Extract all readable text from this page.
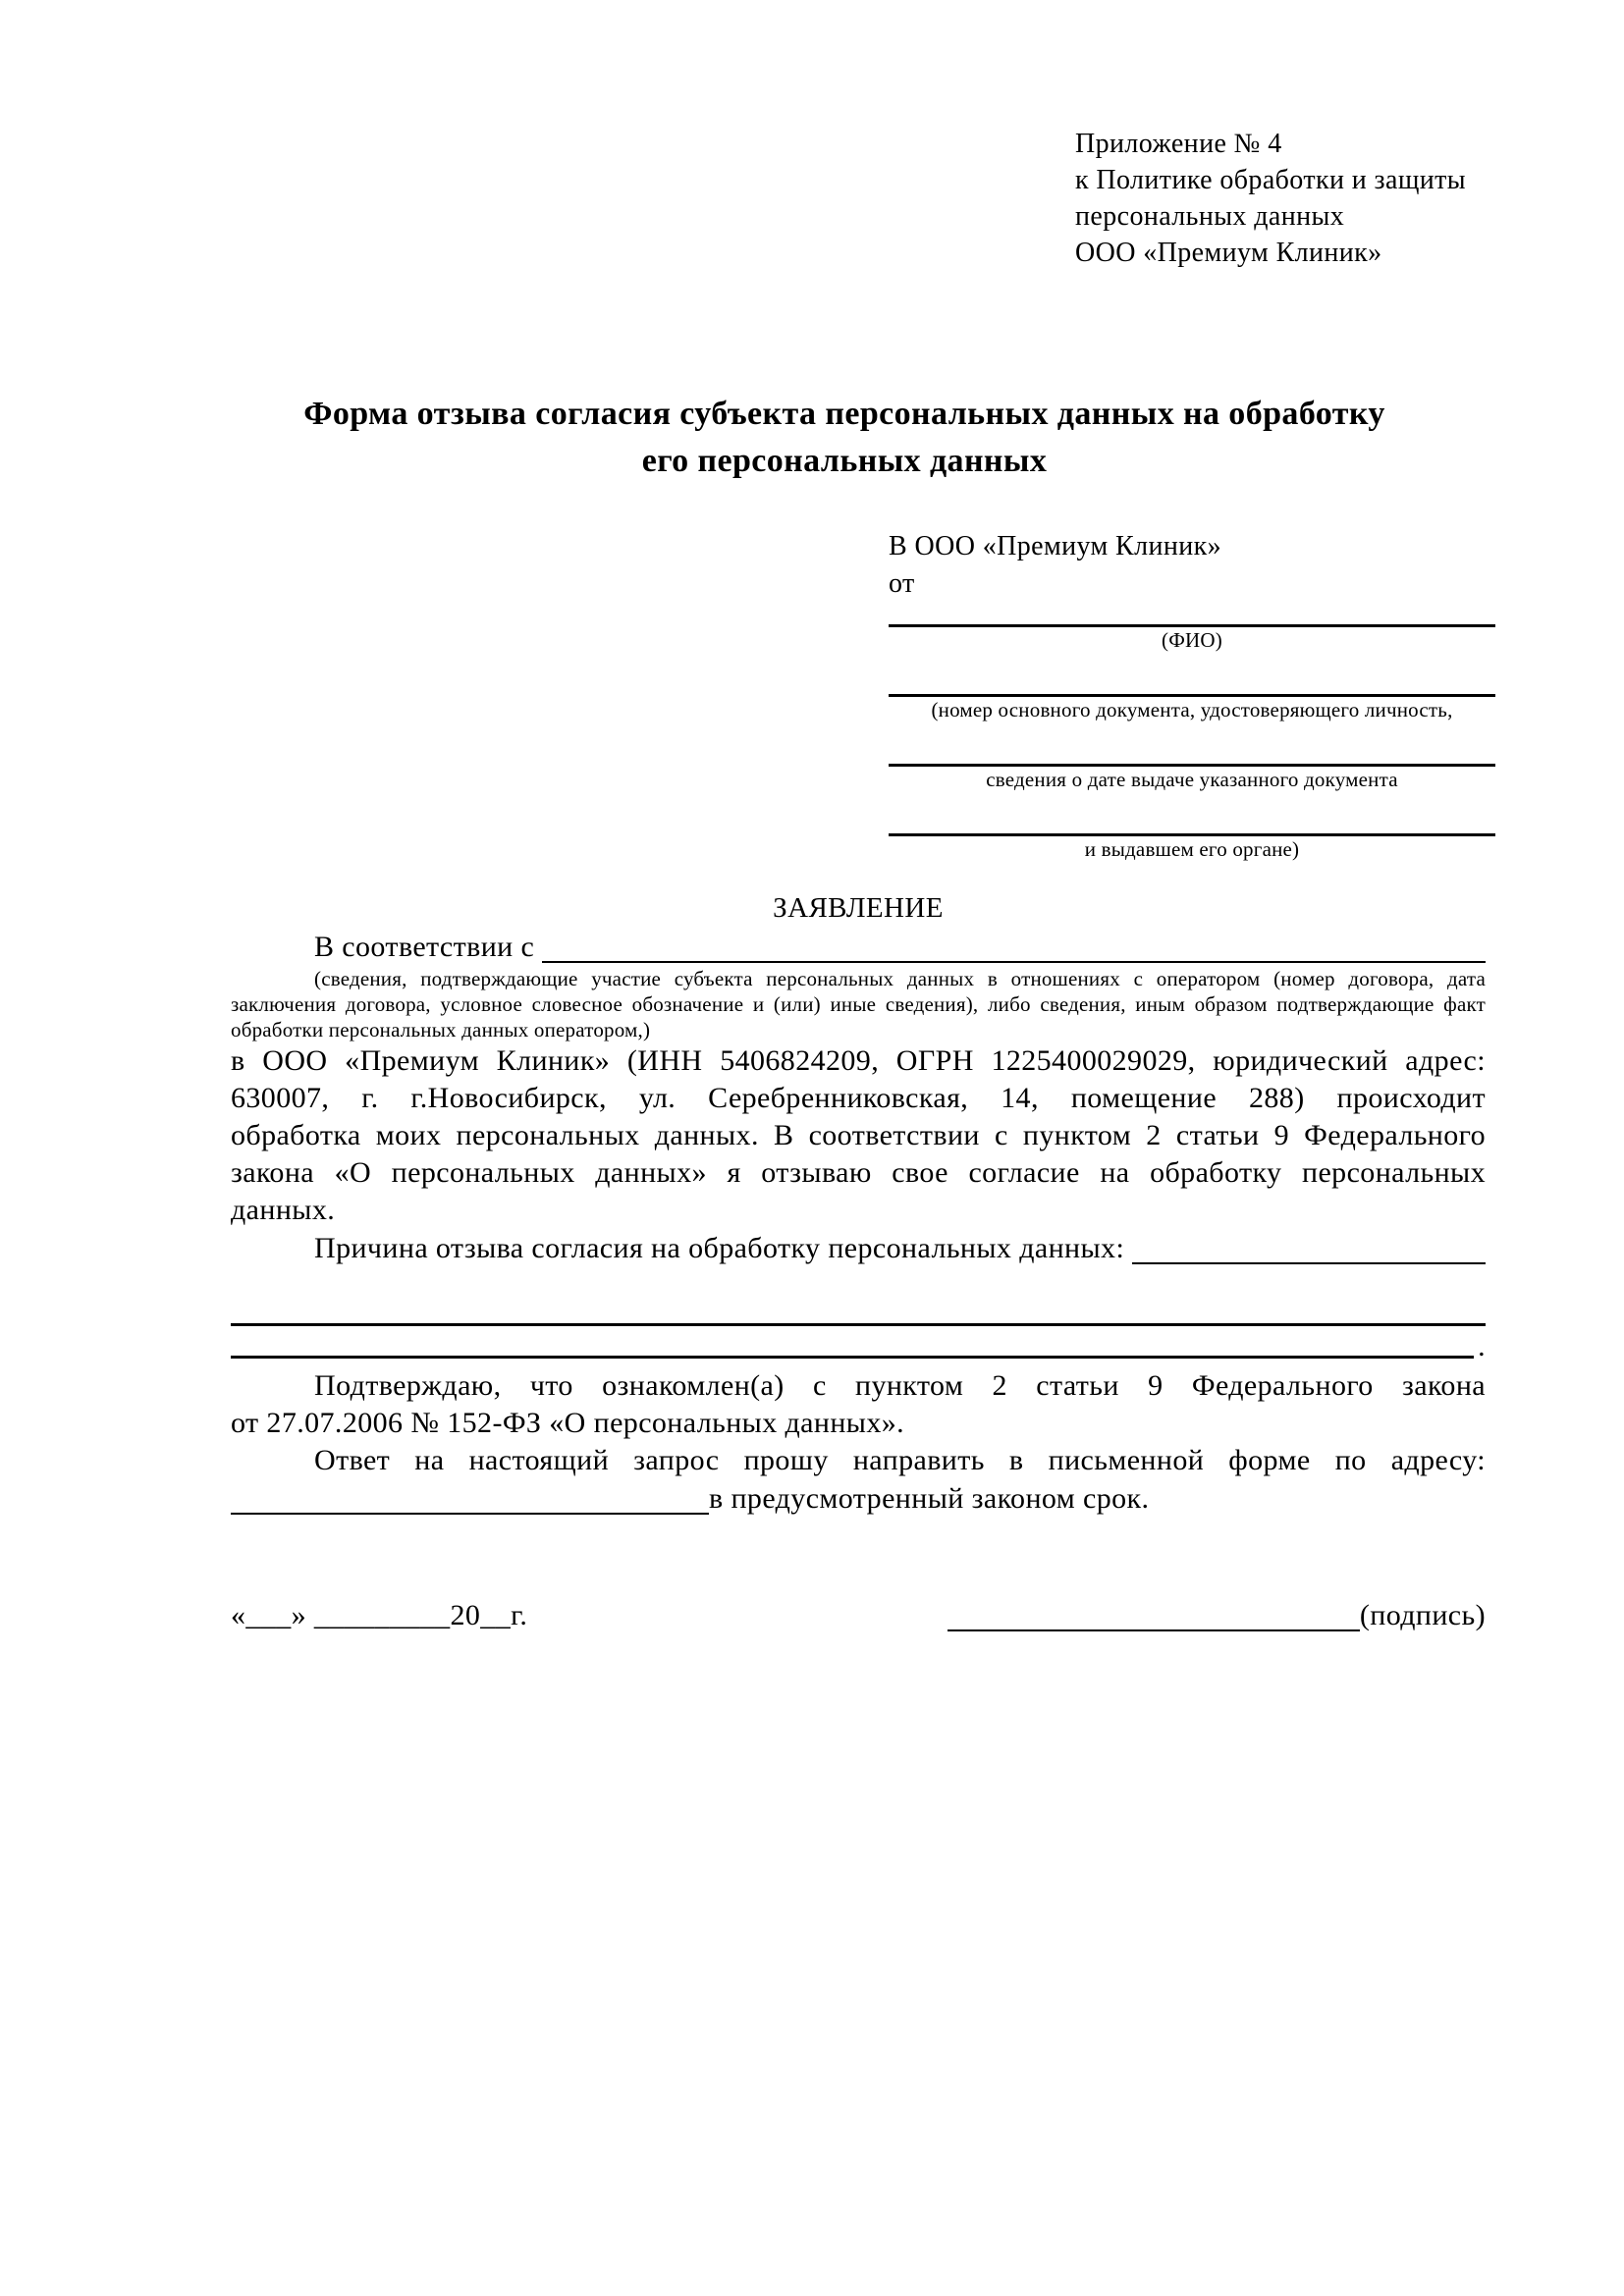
Приложение № 4
к Политике обработки и защиты
персональных данных
ООО «Премиум Клиник»
Форма отзыва согласия субъекта персональных данных на обработку
его персональных данных
В ООО «Премиум Клиник»
от
(ФИО)
(номер основного документа, удостоверяющего личность,
сведения о дате выдаче указанного документа
и выдавшем его органе)
ЗАЯВЛЕНИЕ
В соответствии с
(сведения, подтверждающие участие субъекта персональных данных в отношениях с оператором (номер договора, дата
заключения договора, условное словесное обозначение и (или) иные сведения), либо сведения, иным образом подтверждающие факт
обработки персональных данных оператором,)
в ООО «Премиум Клиник» (ИНН 5406824209, ОГРН 1225400029029, юридический адрес:
630007, г. г.Новосибирск, ул. Серебренниковская, 14, помещение 288) происходит
обработка моих персональных данных. В соответствии с пунктом 2 статьи 9 Федерального
закона «О персональных данных» я отзываю свое согласие на обработку персональных
данных.
Причина отзыва согласия на обработку персональных данных:
.
Подтверждаю, что ознакомлен(а) с пунктом 2 статьи 9 Федерального закона
от 27.07.2006 № 152-ФЗ «О персональных данных».
Ответ на настоящий запрос прошу направить в письменной форме по адресу:
в предусмотренный законом срок.
«___» _________20__г.	(подпись)
